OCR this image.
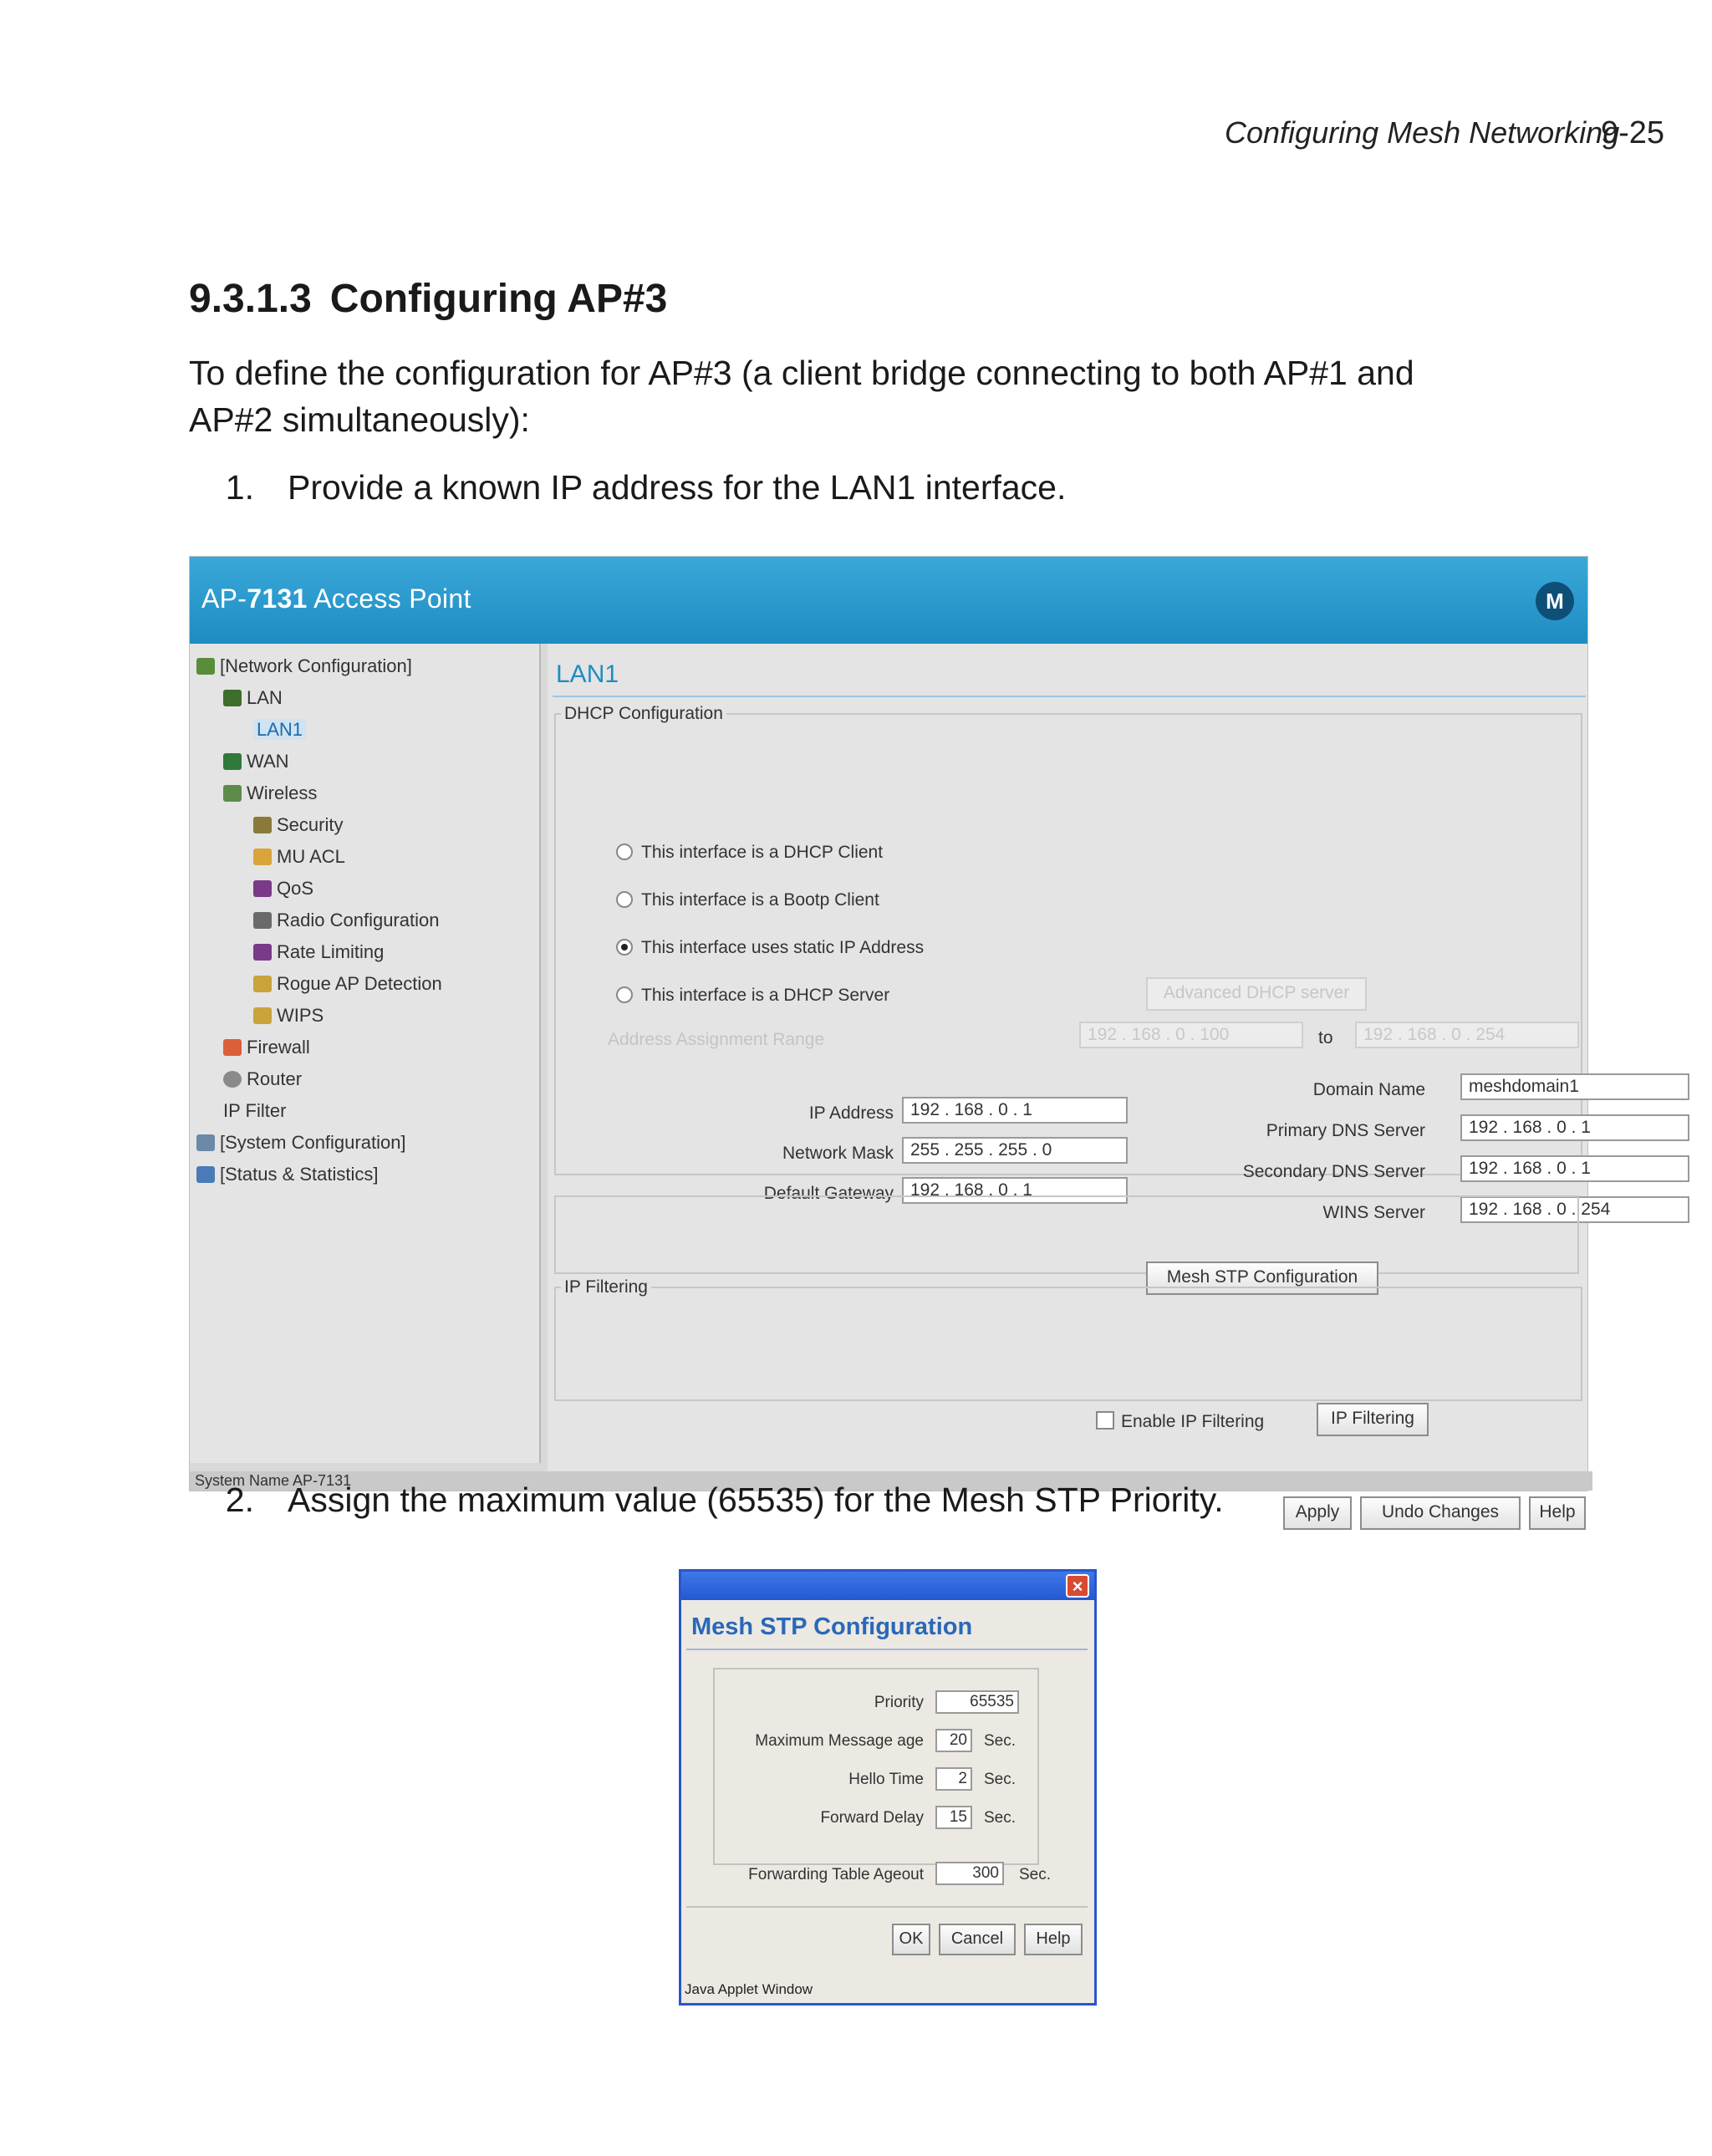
Configuring Mesh Networking
9-25
9.3.1.3 Configuring AP#3
To define the configuration for AP#3 (a client bridge connecting to both AP#1 and AP#2 simultaneously):
1. Provide a known IP address for the LAN1 interface.
AP-7131 Access Point	M
[Network Configuration]
LAN
LAN1
WAN
Wireless
Security
MU ACL
QoS
Radio Configuration
Rate Limiting
Rogue AP Detection
WIPS
Firewall
Router
IP Filter
[System Configuration]
[Status & Statistics]
LAN1
DHCP Configuration
This interface is a DHCP Client
This interface is a Bootp Client
This interface uses static IP Address
This interface is a DHCP Server	Advanced DHCP server
Address Assignment Range	192 . 168 . 0 . 100	to	192 . 168 . 0 . 254
IP Address 192 . 168 . 0 . 1
Network Mask 255 . 255 . 255 . 0
Default Gateway 192 . 168 . 0 . 1
Domain Name	meshdomain1
Primary DNS Server	192 . 168 . 0 . 1
Secondary DNS Server	192 . 168 . 0 . 1
WINS Server	192 . 168 . 0 . 254
Mesh STP Configuration
IP Filtering
Enable IP Filtering	IP Filtering
Apply	Undo Changes	Help
System Name AP-7131
2. Assign the maximum value (65535) for the Mesh STP Priority.
×
Mesh STP Configuration
Priority	65535
Maximum Message age	20	Sec.
Hello Time	2	Sec.
Forward Delay	15	Sec.
Forwarding Table Ageout	300	Sec.
OK	Cancel	Help
Java Applet Window
